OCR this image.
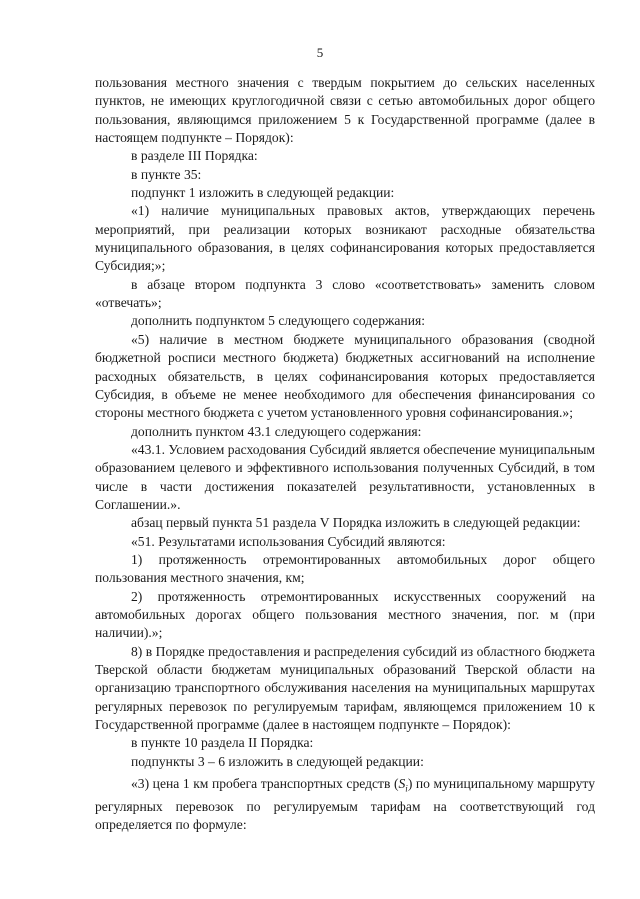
5

пользования местного значения с твердым покрытием до сельских населенных пунктов, не имеющих круглогодичной связи с сетью автомобильных дорог общего пользования, являющимся приложением 5 к Государственной программе (далее в настоящем подпункте – Порядок):

в разделе III Порядка:

в пункте 35:

подпункт 1 изложить в следующей редакции:

«1) наличие муниципальных правовых актов, утверждающих перечень мероприятий, при реализации которых возникают расходные обязательства муниципального образования, в целях софинансирования которых предоставляется Субсидия;»;

в абзаце втором подпункта 3 слово «соответствовать» заменить словом «отвечать»;

дополнить подпунктом 5 следующего содержания:

«5) наличие в местном бюджете муниципального образования (сводной бюджетной росписи местного бюджета) бюджетных ассигнований на исполнение расходных обязательств, в целях софинансирования которых предоставляется Субсидия, в объеме не менее необходимого для обеспечения финансирования со стороны местного бюджета с учетом установленного уровня софинансирования.»;

дополнить пунктом 43.1 следующего содержания:

«43.1. Условием расходования Субсидий является обеспечение муниципальным образованием целевого и эффективного использования полученных Субсидий, в том числе в части достижения показателей результативности, установленных в Соглашении.».

абзац первый пункта 51 раздела V Порядка изложить в следующей редакции:

«51. Результатами использования Субсидий являются:

1) протяженность отремонтированных автомобильных дорог общего пользования местного значения, км;

2) протяженность отремонтированных искусственных сооружений на автомобильных дорогах общего пользования местного значения, пог. м (при наличии).»;

8) в Порядке предоставления и распределения субсидий из областного бюджета Тверской области бюджетам муниципальных образований Тверской области на организацию транспортного обслуживания населения на муниципальных маршрутах регулярных перевозок по регулируемым тарифам, являющемся приложением 10 к Государственной программе (далее в настоящем подпункте – Порядок):

в пункте 10 раздела II Порядка:

подпункты 3 – 6 изложить в следующей редакции:

«3) цена 1 км пробега транспортных средств $(S_i)$ по муниципальному маршруту регулярных перевозок по регулируемым тарифам на соответствующий год определяется по формуле:
